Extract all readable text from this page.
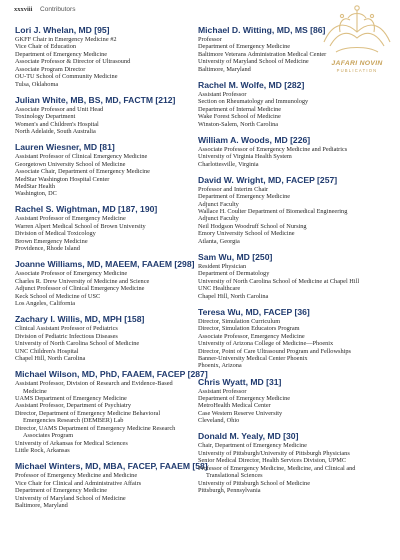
xxxviii Contributors
JAFARI NOVIN
PUBLICATION
Lori J. Whelan, MD [95]
GKFF Chair in Emergency Medicine #2
Vice Chair of Education
Department of Emergency Medicine
Associate Professor & Director of Ultrasound
Associate Program Director
OU-TU School of Community Medicine
Tulsa, Oklahoma
Julian White, MB, BS, MD, FACTM [212]
Associate Professor and Unit Head
Toxinology Department
Women's and Children's Hospital
North Adelaide, South Australia
Lauren Wiesner, MD [81]
Assistant Professor of Clinical Emergency Medicine
Georgetown University School of Medicine
Associate Chair, Department of Emergency Medicine
MedStar Washington Hospital Center
MedStar Health
Washington, DC
Rachel S. Wightman, MD [187, 190]
Assistant Professor of Emergency Medicine
Warren Alpert Medical School of Brown University
Division of Medical Toxicology
Brown Emergency Medicine
Providence, Rhode Island
Joanne Williams, MD, MAEEM, FAAEM [298]
Associate Professor of Emergency Medicine
Charles R. Drew University of Medicine and Science
Adjunct Professor of Clinical Emergency Medicine
Keck School of Medicine of USC
Los Angeles, California
Zachary I. Willis, MD, MPH [158]
Clinical Assistant Professor of Pediatrics
Division of Pediatric Infectious Diseases
University of North Carolina School of Medicine
UNC Children's Hospital
Chapel Hill, North Carolina
Michael Wilson, MD, PhD, FAAEM, FACEP [287]
Assistant Professor, Division of Research and Evidence-Based
Medicine
UAMS Department of Emergency Medicine
Assistant Professor, Department of Psychiatry
Director, Department of Emergency Medicine Behavioral
Emergencies Research (DEMBER) Lab
Director, UAMS Department of Emergency Medicine Research
Associates Program
University of Arkansas for Medical Sciences
Little Rock, Arkansas
Michael Winters, MD, MBA, FACEP, FAAEM [58]
Professor of Emergency Medicine and Medicine
Vice Chair for Clinical and Administrative Affairs
Department of Emergency Medicine
University of Maryland School of Medicine
Baltimore, Maryland
Michael D. Witting, MD, MS [86]
Professor
Department of Emergency Medicine
Baltimore Veterans Administration Medical Center
University of Maryland School of Medicine
Baltimore, Maryland
Rachel M. Wolfe, MD [282]
Assistant Professor
Section on Rheumatology and Immunology
Department of Internal Medicine
Wake Forest School of Medicine
Winston-Salem, North Carolina
William A. Woods, MD [226]
Associate Professor of Emergency Medicine and Pediatrics
University of Virginia Health System
Charlottesville, Virginia
David W. Wright, MD, FACEP [257]
Professor and Interim Chair
Department of Emergency Medicine
Adjunct Faculty
Wallace H. Coulter Department of Biomedical Engineering
Adjunct Faculty
Neil Hodgson Woodruff School of Nursing
Emory University School of Medicine
Atlanta, Georgia
Sam Wu, MD [250]
Resident Physician
Department of Dermatology
University of North Carolina School of Medicine at Chapel Hill
UNC Healthcare
Chapel Hill, North Carolina
Teresa Wu, MD, FACEP [36]
Director, Simulation Curriculum
Director, Simulation Educators Program
Associate Professor, Emergency Medicine
University of Arizona College of Medicine—Phoenix
Director, Point of Care Ultrasound Program and Fellowships
Banner-University Medical Center Phoenix
Phoenix, Arizona
Chris Wyatt, MD [31]
Assistant Professor
Department of Emergency Medicine
MetroHealth Medical Center
Case Western Reserve University
Cleveland, Ohio
Donald M. Yealy, MD [30]
Chair, Department of Emergency Medicine
University of Pittsburgh/University of Pittsburgh Physicians
Senior Medical Director, Health Services Division, UPMC
Professor of Emergency Medicine, Medicine, and Clinical and
Translational Sciences
University of Pittsburgh School of Medicine
Pittsburgh, Pennsylvania
